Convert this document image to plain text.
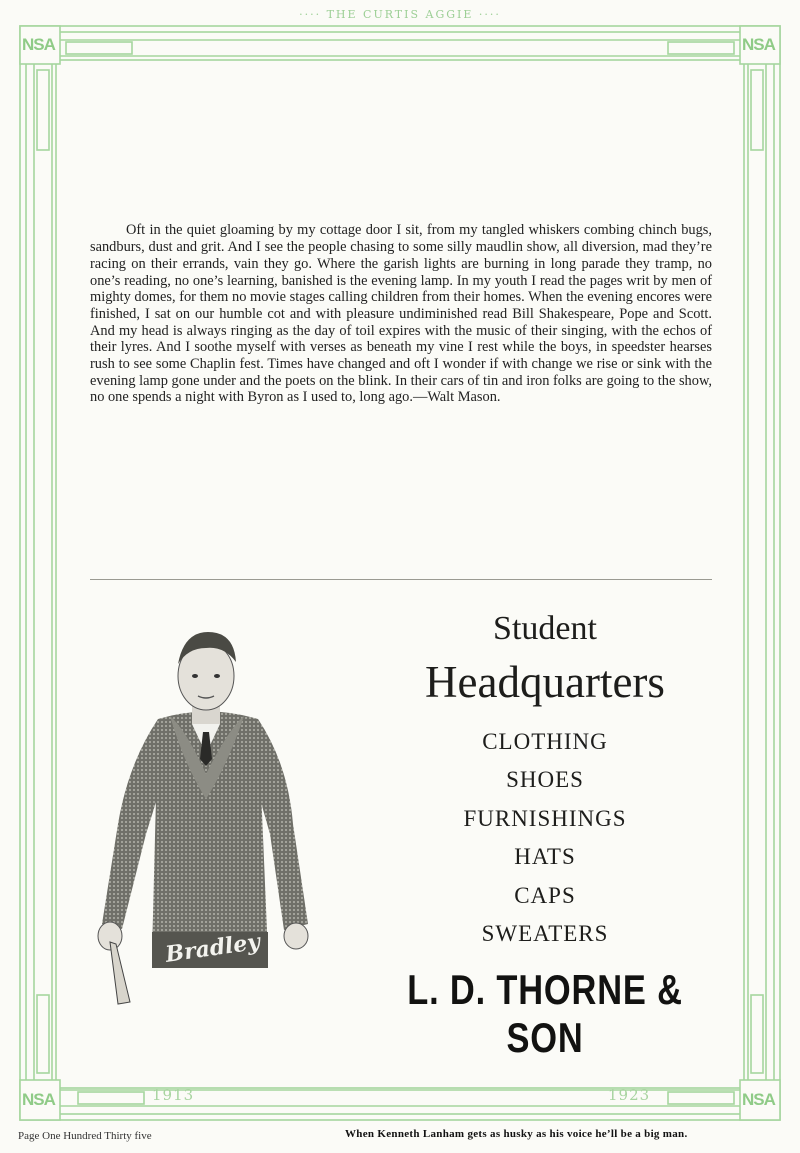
···· THE CURTIS AGGIE ····
NSA	NSA
NSA	NSA
1913	1923

Oft in the quiet gloaming by my cottage door I sit, from my tangled whiskers combing chinch bugs, sandburs, dust and grit. And I see the people chasing to some silly maudlin show, all diversion, mad they’re racing on their errands, vain they go. Where the garish lights are burning in long parade they tramp, no one’s reading, no one’s learning, banished is the evening lamp. In my youth I read the pages writ by men of mighty domes, for them no movie stages calling children from their homes. When the evening encores were finished, I sat on our humble cot and with pleasure undiminished read Bill Shakespeare, Pope and Scott. And my head is always ringing as the day of toil expires with the music of their singing, with the echos of their lyres. And I soothe myself with verses as beneath my vine I rest while the boys, in speedster hearses rush to see some Chaplin fest. Times have changed and oft I wonder if with change we rise or sink with the evening lamp gone under and the poets on the blink. In their cars of tin and iron folks are going to the show, no one spends a night with Byron as I used to, long ago.—Walt Mason.

Bradley
Student
Headquarters
CLOTHING
SHOES
FURNISHINGS
HATS
CAPS
SWEATERS
L. D. THORNE & SON
Page One Hundred Thirty five	When Kenneth Lanham gets as husky as his voice he’ll be a big man.
